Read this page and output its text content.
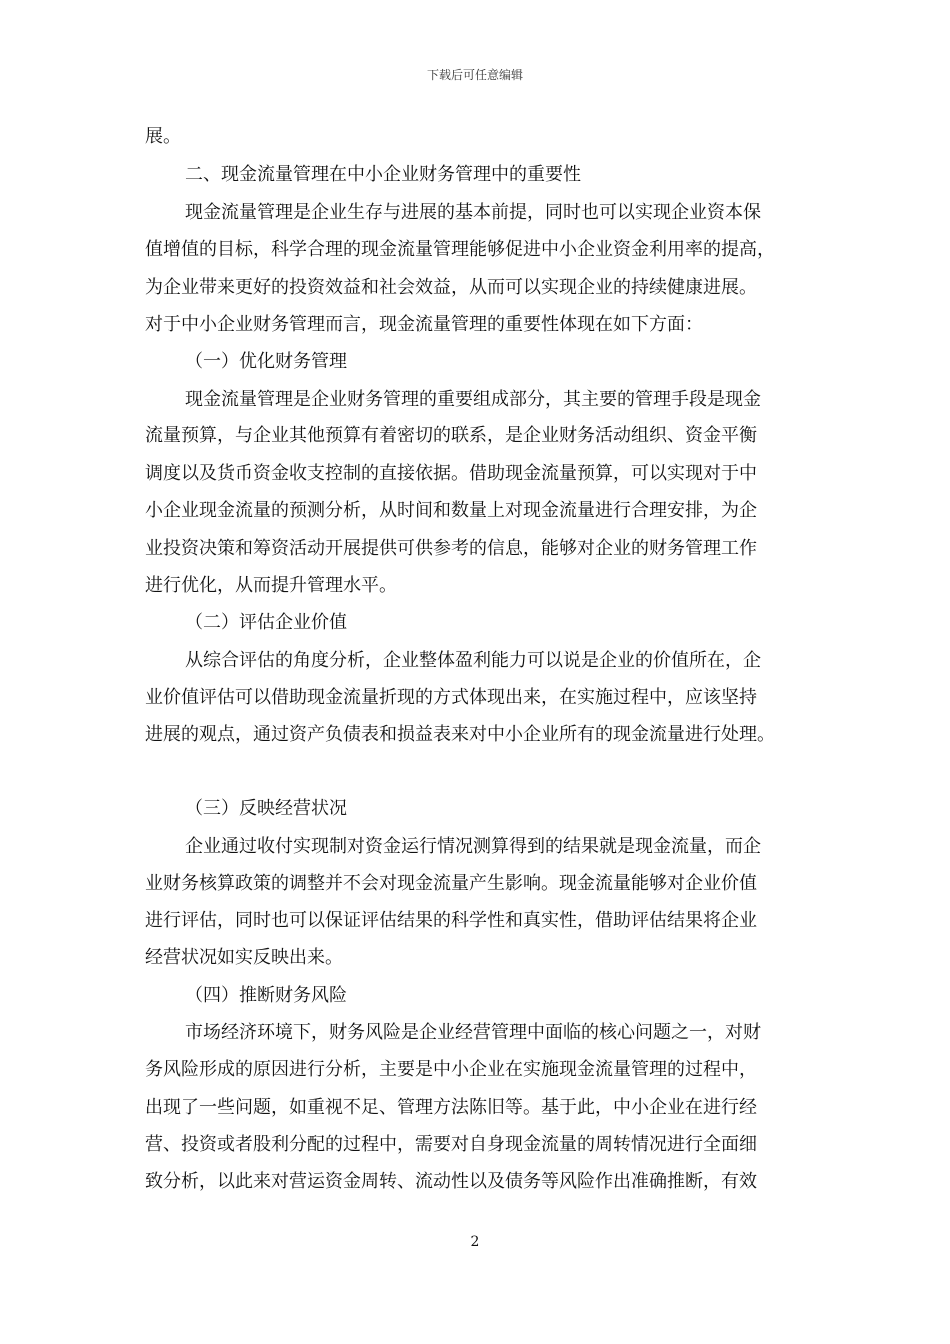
下载后可任意编辑
展。
二、现金流量管理在中小企业财务管理中的重要性
现金流量管理是企业生存与进展的基本前提，同时也可以实现企业资本保
值增值的目标，科学合理的现金流量管理能够促进中小企业资金利用率的提高，
为企业带来更好的投资效益和社会效益，从而可以实现企业的持续健康进展。
对于中小企业财务管理而言，现金流量管理的重要性体现在如下方面：
（一）优化财务管理
现金流量管理是企业财务管理的重要组成部分，其主要的管理手段是现金
流量预算，与企业其他预算有着密切的联系，是企业财务活动组织、资金平衡
调度以及货币资金收支控制的直接依据。借助现金流量预算，可以实现对于中
小企业现金流量的预测分析，从时间和数量上对现金流量进行合理安排，为企
业投资决策和筹资活动开展提供可供参考的信息，能够对企业的财务管理工作
进行优化，从而提升管理水平。
（二）评估企业价值
从综合评估的角度分析，企业整体盈利能力可以说是企业的价值所在，企
业价值评估可以借助现金流量折现的方式体现出来，在实施过程中，应该坚持
进展的观点，通过资产负债表和损益表来对中小企业所有的现金流量进行处理。
（三）反映经营状况
企业通过收付实现制对资金运行情况测算得到的结果就是现金流量，而企
业财务核算政策的调整并不会对现金流量产生影响。现金流量能够对企业价值
进行评估，同时也可以保证评估结果的科学性和真实性，借助评估结果将企业
经营状况如实反映出来。
（四）推断财务风险
市场经济环境下，财务风险是企业经营管理中面临的核心问题之一，对财
务风险形成的原因进行分析，主要是中小企业在实施现金流量管理的过程中，
出现了一些问题，如重视不足、管理方法陈旧等。基于此，中小企业在进行经
营、投资或者股利分配的过程中，需要对自身现金流量的周转情况进行全面细
致分析，以此来对营运资金周转、流动性以及债务等风险作出准确推断，有效
2
